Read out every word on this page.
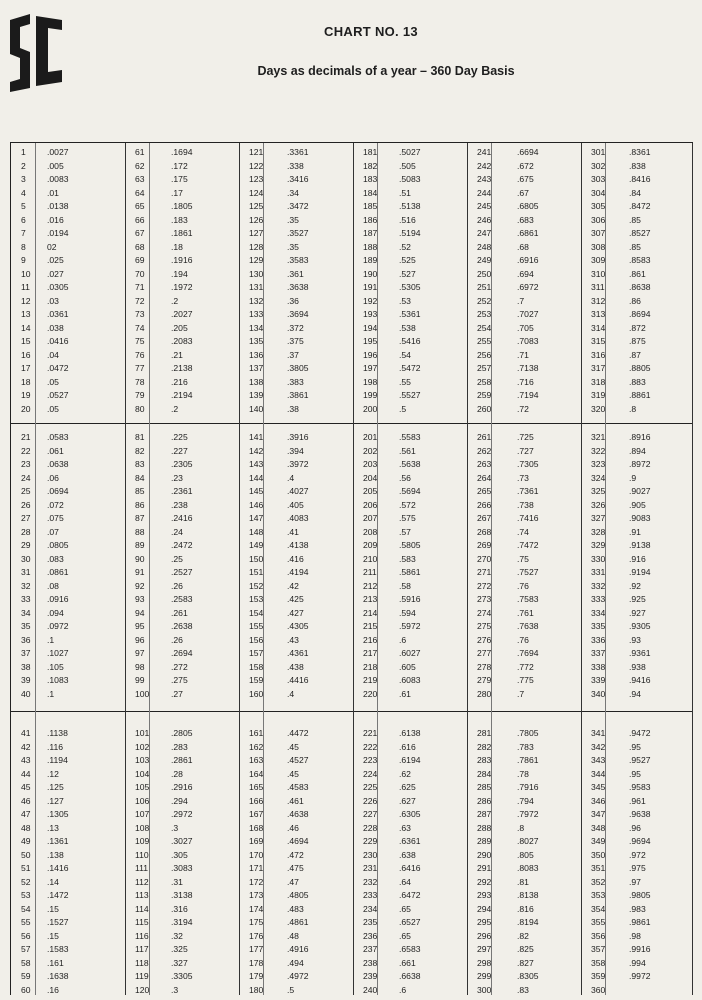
CHART NO. 13
Days as decimals of a year – 360 Day Basis
1 .0027	61	.1694	121	.3361	181	.5027	241	.6694	301	.8361
2 .005	62	.172	122	.338	182	.505	242	.672	302	.838
3 .0083	63	.175	123	.3416	183	.5083	243	.675	303	.8416
4 .01	64	.17	124	.34	184	.51	244	.67	304	.84
5 .0138	65	.1805	125	.3472	185	.5138	245	.6805	305	.8472
6 .016	66	.183	126	.35	186	.516	246	.683	306	.85
7 .0194	67	.1861	127	.3527	187	.5194	247	.6861	307	.8527
8 02	68	.18	128	.35	188	.52	248	.68	308	.85
9 .025	69	.1916	129	.3583	189	.525	249	.6916	309	.8583
10 .027	70	.194	130	.361	190	.527	250	.694	310	.861
11 .0305	71	.1972	131	.3638	191	.5305	251	.6972	311	.8638
12 .03	72	.2	132	.36	192	.53	252	.7	312	.86
13 .0361	73	.2027	133	.3694	193	.5361	253	.7027	313	.8694
14 .038	74	.205	134	.372	194	.538	254	.705	314	.872
15 .0416	75	.2083	135	.375	195	.5416	255	.7083	315	.875
16 .04	76	.21	136	.37	196	.54	256	.71	316	.87
17 .0472	77	.2138	137	.3805	197	.5472	257	.7138	317	.8805
18 .05	78	.216	138	.383	198	.55	258	.716	318	.883
19 .0527	79	.2194	139	.3861	199	.5527	259	.7194	319	.8861
20 .05	80	.2	140	.38	200	.5	260	.72	320	.8
21 .0583	81	.225	141	.3916	201	.5583	261	.725	321	.8916
22 .061	82	.227	142	.394	202	.561	262	.727	322	.894
23 .0638	83	.2305	143	.3972	203	.5638	263	.7305	323	.8972
24 .06	84	.23	144	.4	204	.56	264	.73	324	.9
25 .0694	85	.2361	145	.4027	205	.5694	265	.7361	325	.9027
26 .072	86	.238	146	.405	206	.572	266	.738	326	.905
27 .075	87	.2416	147	.4083	207	.575	267	.7416	327	.9083
28 .07	88	.24	148	.41	208	.57	268	.74	328	.91
29 .0805	89	.2472	149	.4138	209	.5805	269	.7472	329	.9138
30 .083	90	.25	150	.416	210	.583	270	.75	330	.916
31 .0861	91	.2527	151	.4194	211	.5861	271	.7527	331	.9194
32 .08	92	.26	152	.42	212	.58	272	.76	332	.92
33 .0916	93	.2583	153	.425	213	.5916	273	.7583	333	.925
34 .094	94	.261	154	.427	214	.594	274	.761	334	.927
35 .0972	95	.2638	155	.4305	215	.5972	275	.7638	335	.9305
36 .1	96	.26	156	.43	216	.6	276	.76	336	.93
37 .1027	97	.2694	157	.4361	217	.6027	277	.7694	337	.9361
38 .105	98	.272	158	.438	218	.605	278	.772	338	.938
39 .1083	99	.275	159	.4416	219	.6083	279	.775	339	.9416
40 .1	100	.27	160	.4	220	.61	280	.7	340	.94
41 .1138	101	.2805	161	.4472	221	.6138	281	.7805	341	.9472
42 .116	102	.283	162	.45	222	.616	282	.783	342	.95
43 .1194	103	.2861	163	.4527	223	.6194	283	.7861	343	.9527
44 .12	104	.28	164	.45	224	.62	284	.78	344	.95
45 .125	105	.2916	165	.4583	225	.625	285	.7916	345	.9583
46 .127	106	.294	166	.461	226	.627	286	.794	346	.961
47 .1305	107	.2972	167	.4638	227	.6305	287	.7972	347	.9638
48 .13	108	.3	168	.46	228	.63	288	.8	348	.96
49 .1361	109	.3027	169	.4694	229	.6361	289	.8027	349	.9694
50 .138	110	.305	170	.472	230	.638	290	.805	350	.972
51 .1416	111	.3083	171	.475	231	.6416	291	.8083	351	.975
52 .14	112	.31	172	.47	232	.64	292	.81	352	.97
53 .1472	113	.3138	173	.4805	233	.6472	293	.8138	353	.9805
54 .15	114	.316	174	.483	234	.65	294	.816	354	.983
55 .1527	115	.3194	175	.4861	235	.6527	295	.8194	355	.9861
56 .15	116	.32	176	.48	236	.65	296	.82	356	.98
57 .1583	117	.325	177	.4916	237	.6583	297	.825	357	.9916
58 .161	118	.327	178	.494	238	.661	298	.827	358	.994
59 .1638	119	.3305	179	.4972	239	.6638	299	.8305	359	.9972
60 .16	120	.3	180	.5	240	.6	300	.83	360
